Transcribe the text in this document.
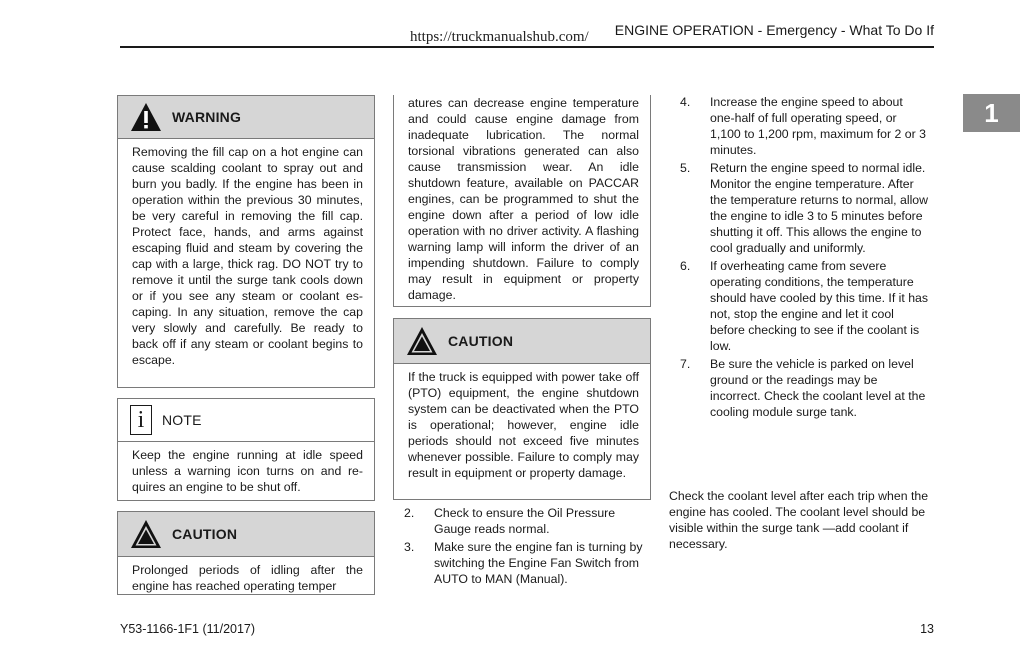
https://truckmanualshub.com/ ENGINE OPERATION - Emergency - What To Do If
1
WARNING
Removing the fill cap on a hot engine can cause scalding coolant to spray out and burn you badly. If the engine has been in operation within the previous 30 minutes, be very careful in removing the fill cap. Protect face, hands, and arms against escaping fluid and steam by covering the cap with a large, thick rag. DO NOT try to remove it until the surge tank cools down or if you see any steam or coolant escaping. In any situation, remove the cap very slowly and carefully. Be ready to back off if any steam or coolant begins to escape.
i	NOTE
Keep the engine running at idle speed unless a warning icon turns on and requires an engine to be shut off.
CAUTION
Prolonged periods of idling after the engine has reached operating temper
atures can decrease engine temperature and could cause engine damage from inadequate lubrication. The normal torsional vibrations generated can also cause transmission wear. An idle shutdown feature, available on PACCAR engines, can be programmed to shut the engine down after a period of low idle operation with no driver activity. A flashing warning lamp will inform the driver of an impending shutdown. Failure to comply may result in equipment or property damage.
CAUTION
If the truck is equipped with power take off (PTO) equipment, the engine shutdown system can be deactivated when the PTO is operational; however, engine idle periods should not exceed five minutes whenever possible. Failure to comply may result in equipment or property damage.
2.	Check to ensure the Oil Pressure Gauge reads normal.
3.	Make sure the engine fan is turning by switching the Engine Fan Switch from AUTO to MAN (Manual).
4.	Increase the engine speed to about one-half of full operating speed, or 1,100 to 1,200 rpm, maximum for 2 or 3 minutes.
5.	Return the engine speed to normal idle. Monitor the engine temperature. After the temperature returns to normal, allow the engine to idle 3 to 5 minutes before shutting it off. This allows the engine to cool gradually and uniformly.
6.	If overheating came from severe operating conditions, the temperature should have cooled by this time. If it has not, stop the engine and let it cool before checking to see if the coolant is low.
7.	Be sure the vehicle is parked on level ground or the readings may be incorrect. Check the coolant level at the cooling module surge tank.
Check the coolant level after each trip when the engine has cooled. The coolant level should be visible within the surge tank —add coolant if necessary.
Y53-1166-1F1 (11/2017)	13
